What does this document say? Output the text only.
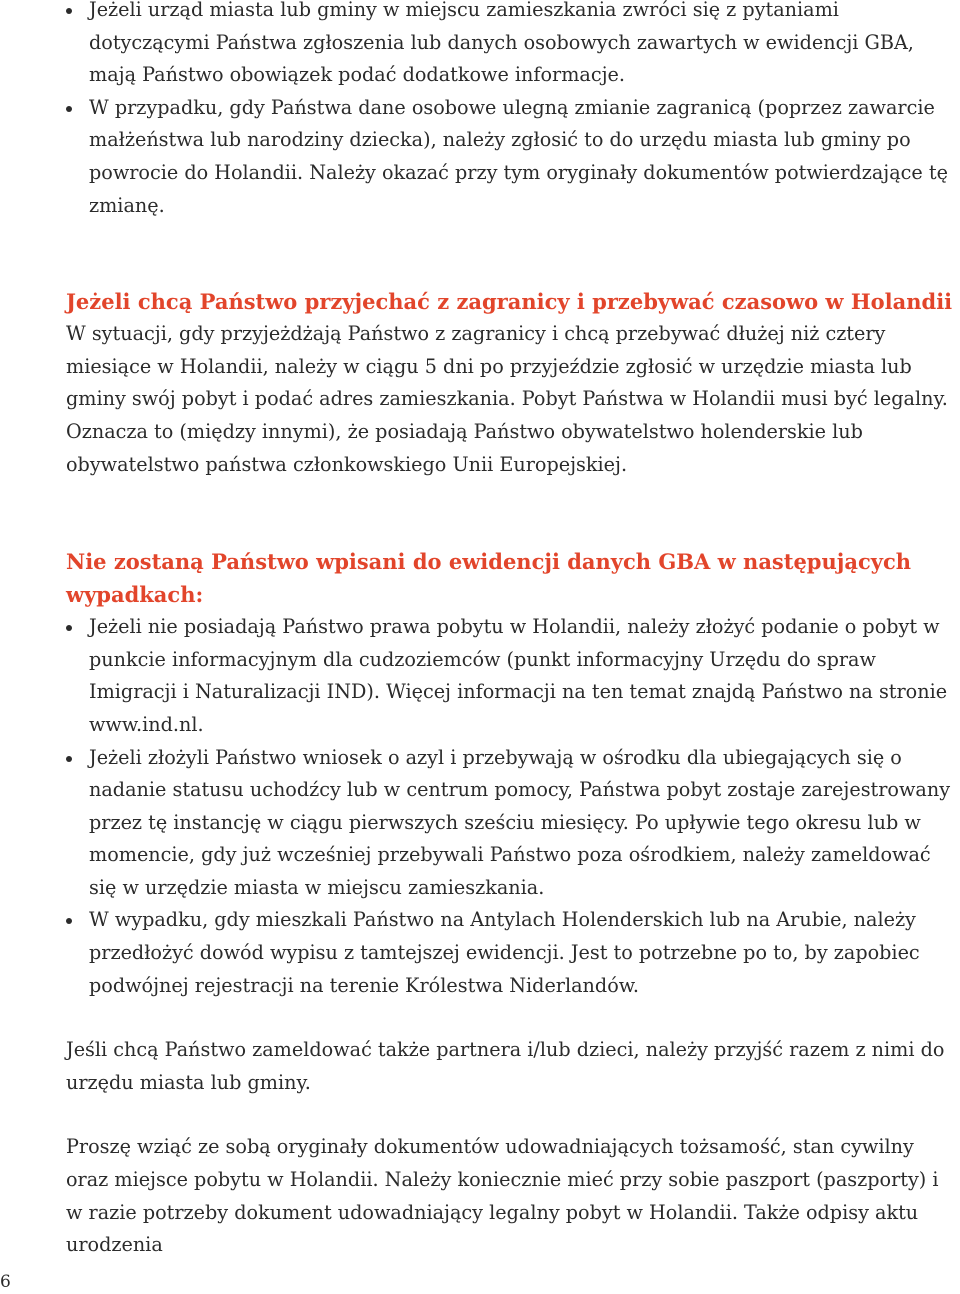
Jeżeli urząd miasta lub gminy w miejscu zamieszkania zwróci się z pytaniami dotyczącymi Państwa zgłoszenia lub danych osobowych zawartych w ewidencji GBA, mają Państwo obowiązek podać dodatkowe informacje.
W przypadku, gdy Państwa dane osobowe ulegną zmianie zagranicą (poprzez zawarcie małżeństwa lub narodziny dziecka), należy zgłosić to do urzędu miasta lub gminy po powrocie do Holandii. Należy okazać przy tym oryginały dokumentów potwierdzające tę zmianę.
Jeżeli chcą Państwo przyjechać z zagranicy i przebywać czasowo w Holandii

W sytuacji, gdy przyjeżdżają Państwo z zagranicy i chcą przebywać dłużej niż cztery miesiące w Holandii, należy w ciągu 5 dni po przyjeździe zgłosić w urzędzie miasta lub gminy swój pobyt i podać adres zamieszkania. Pobyt Państwa w Holandii musi być legalny. Oznacza to (między innymi), że posiadają Państwo obywatelstwo holenderskie lub obywatelstwo państwa członkowskiego Unii Europejskiej.

Nie zostaną Państwo wpisani do ewidencji danych GBA w następujących wypadkach:
Jeżeli nie posiadają Państwo prawa pobytu w Holandii, należy złożyć podanie o pobyt w punkcie informacyjnym dla cudzoziemców (punkt informacyjny Urzędu do spraw Imigracji i Naturalizacji IND). Więcej informacji na ten temat znajdą Państwo na stronie www.ind.nl.
Jeżeli złożyli Państwo wniosek o azyl i przebywają w ośrodku dla ubiegających się o nadanie statusu uchodźcy lub w centrum pomocy, Państwa pobyt zostaje zarejestrowany przez tę instancję w ciągu pierwszych sześciu miesięcy. Po upływie tego okresu lub w momencie, gdy już wcześniej przebywali Państwo poza ośrodkiem, należy zameldować się w urzędzie miasta w miejscu zamieszkania.
W wypadku, gdy mieszkali Państwo na Antylach Holenderskich lub na Arubie, należy przedłożyć dowód wypisu z tamtejszej ewidencji. Jest to potrzebne po to, by zapobiec podwójnej rejestracji na terenie Królestwa Niderlandów.

Jeśli chcą Państwo zameldować także partnera i/lub dzieci, należy przyjść razem z nimi do urzędu miasta lub gminy.

Proszę wziąć ze sobą oryginały dokumentów udowadniających tożsamość, stan cywilny oraz miejsce pobytu w Holandii. Należy koniecznie mieć przy sobie paszport (paszporty) i w razie potrzeby dokument udowadniający legalny pobyt w Holandii. Także odpisy aktu urodzenia

6
